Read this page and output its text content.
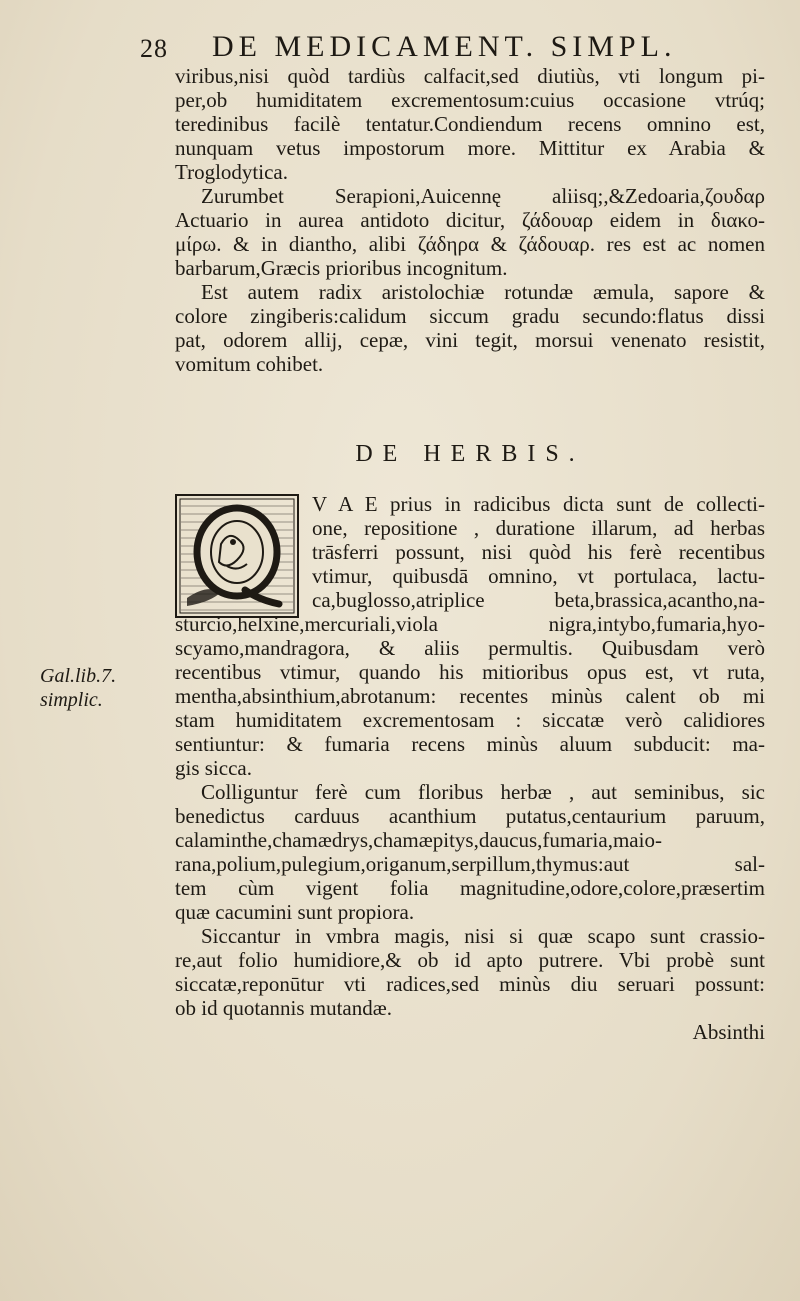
28 DE MEDICAMENT. SIMPL.
viribus,nisi quòd tardiùs calfacit,sed diutiùs, vti longum pi-
per,ob humiditatem excrementosum:cuius occasione vtrúq;
teredinibus facilè tentatur.Condiendum recens omnino est,
nunquam vetus impostorum more. Mittitur ex Arabia &
Troglodytica.
Zurumbet Serapioni,Auicennę aliisq;,&Zedoaria,ζουδαρ
Actuario in aurea antidoto dicitur, ζάδουαρ eidem in διακο-
μίρω. & in diantho, alibi ζάδηρα & ζάδουαρ. res est ac nomen
barbarum,Græcis prioribus incognitum.
Est autem radix aristolochiæ rotundæ æmula, sapore &
colore zingiberis:calidum siccum gradu secundo:flatus dissi
pat, odorem allij, cepæ, vini tegit, morsui venenato resistit,
vomitum cohibet.
DE HERBIS.
V A E prius in radicibus dicta sunt de collecti-
one, repositione , duratione illarum, ad herbas
trāsferri possunt, nisi quòd his ferè recentibus
vtimur, quibusdā omnino, vt portulaca, lactu-
ca,buglosso,atriplice beta,brassica,acantho,na-
sturcio,helxine,mercuriali,viola nigra,intybo,fumaria,hyo-
scyamo,mandragora, & aliis permultis. Quibusdam verò
recentibus vtimur, quando his mitioribus opus est, vt ruta,
mentha,absinthium,abrotanum: recentes minùs calent ob mi
stam humiditatem excrementosam : siccatæ verò calidiores
sentiuntur: & fumaria recens minùs aluum subducit: ma-
gis sicca.
Colliguntur ferè cum floribus herbæ , aut seminibus, sic
benedictus carduus acanthium putatus,centaurium paruum,
calaminthe,chamædrys,chamæpitys,daucus,fumaria,maio-
rana,polium,pulegium,origanum,serpillum,thymus:aut sal-
tem cùm vigent folia magnitudine,odore,colore,præsertim
quæ cacumini sunt propiora.
Siccantur in vmbra magis, nisi si quæ scapo sunt crassio-
re,aut folio humidiore,& ob id apto putrere. Vbi probè sunt
siccatæ,reponūtur vti radices,sed minùs diu seruari possunt:
ob id quotannis mutandæ.
Absinthi
Gal.lib.7.
simplic.
